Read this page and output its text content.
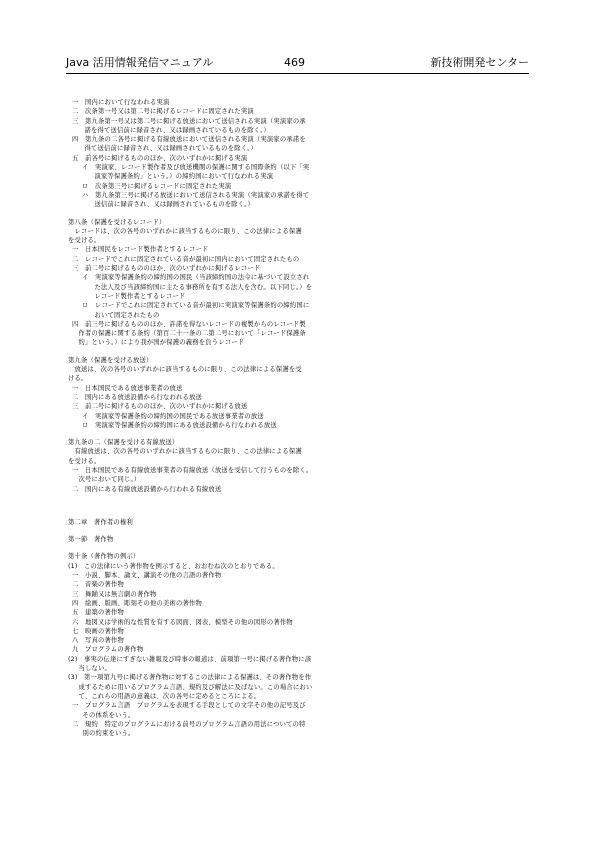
Java 活用情報発信マニュアル	469	新技術開発センター
一　国内において行なわれる実演
二　次条第一号又は第二号に掲げるレコードに固定された実演
三　第九条第一号又は第二号に掲げる放送において送信される実演（実演家の承
　諾を得て送信前に録音され、又は録画されているものを除く。）
四　第九条の二各号に掲げる有線放送において送信される実演（実演家の承諾を
　得て送信前に録音され、又は録画されているものを除く。）
五　前各号に掲げるもののほか、次のいずれかに掲げる実演
イ　実演家、レコード製作者及び放送機関の保護に関する国際条約（以下「実
　演家等保護条約」という。）の締約国において行なわれる実演
ロ　次条第三号に掲げるレコードに固定された実演
ハ　第九条第三号に掲げる放送において送信される実演（実演家の承諾を得て
　送信前に録音され、又は録画されているものを除く。）
第八条（保護を受けるレコード）
　レコードは、次の各号のいずれかに該当するものに限り、この法律による保護
を受ける。
一　日本国民をレコード製作者とするレコード
二　レコードでこれに固定されている音が最初に国内において固定されたもの
三　前二号に掲げるもののほか、次のいずれかに掲げるレコード
イ　実演家等保護条約の締約国の国民（当該締約国の法令に基づいて設立され
　た法人及び当該締約国に主たる事務所を有する法人を含む。以下同じ。）を
　レコード製作者とするレコード
ロ　レコードでこれに固定されている音が最初に実演家等保護条約の締約国に
　おいて固定されたもの
四　前三号に掲げるもののほか、許諾を得ないレコードの複製からのレコード製
　作者の保護に関する条約（第百二十一条の二第二号において「レコード保護条
　約」という。）により我が国が保護の義務を負うレコード
第九条（保護を受ける放送）
　放送は、次の各号のいずれかに該当するものに限り、この法律による保護を受
ける。
一　日本国民である放送事業者の放送
二　国内にある放送設備から行なわれる放送
三　前二号に掲げるもののほか、次のいずれかに掲げる放送
イ　実演家等保護条約の締約国の国民である放送事業者の放送
ロ　実演家等保護条約の締約国にある放送設備から行なわれる放送
第九条の二（保護を受ける有線放送）
　有線放送は、次の各号のいずれかに該当するものに限り、この法律による保護
を受ける。
一　日本国民である有線放送事業者の有線放送（放送を受信して行うものを除く。
　次号において同じ。）
二　国内にある有線放送設備から行われる有線放送
第二章　著作者の権利
第一節　著作物
第十条（著作物の例示）
(1)　この法律にいう著作物を例示すると、おおむね次のとおりである。
一　小説、脚本、論文、講演その他の言語の著作物
二　音楽の著作物
三　舞踊又は無言劇の著作物
四　絵画、版画、彫刻その他の美術の著作物
五　建築の著作物
六　地図又は学術的な性質を有する図面、図表、模型その他の図形の著作物
七　映画の著作物
八　写真の著作物
九　プログラムの著作物
(2)　事実の伝達にすぎない雑報及び時事の報道は、前項第一号に掲げる著作物に該
　当しない。
(3)　第一項第九号に掲げる著作物に対するこの法律による保護は、その著作物を作
　成するために用いるプログラム言語、規約及び解法に及ばない。この場合におい
　て、これらの用語の意義は、次の各号に定めるところによる。
一　プログラム言語　プログラムを表現する手段としての文字その他の記号及び
　その体系をいう。
二　規約　特定のプログラムにおける前号のプログラム言語の用法についての特
　別の約束をいう。
